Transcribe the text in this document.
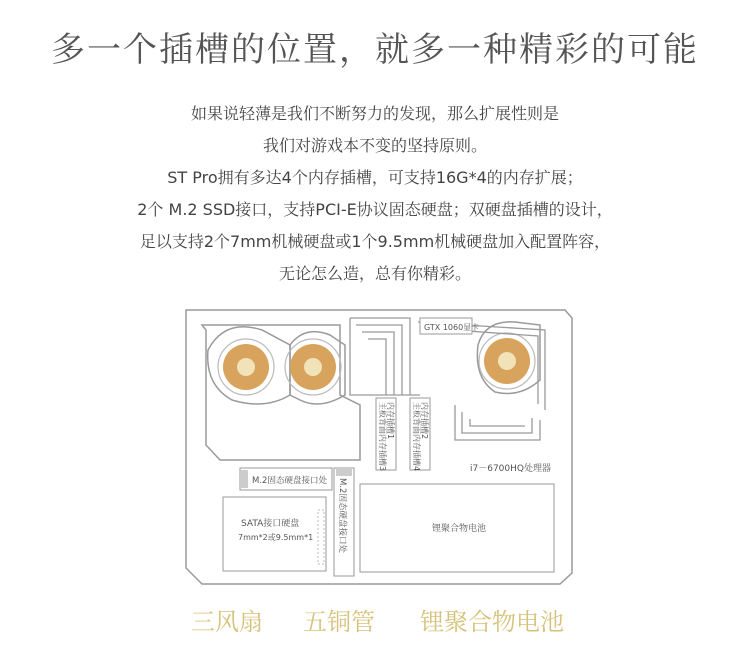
多一个插槽的位置，就多一种精彩的可能
如果说轻薄是我们不断努力的发现，那么扩展性则是
我们对游戏本不变的坚持原则。
ST Pro拥有多达4个内存插槽，可支持16G*4的内存扩展；
2个 M.2 SSD接口，支持PCI-E协议固态硬盘；双硬盘插槽的设计，
足以支持2个7mm机械硬盘或1个9.5mm机械硬盘加入配置阵容，
无论怎么造，总有你精彩。
GTX 1060显卡
内存插槽1
主板背面内存插槽3	内存插槽2
主板背面内存插槽4	i7－6700HQ处理器
M.2固态硬盘接口处 M.2固态硬盘接口处
SATA接口硬盘
7mm*2或9.5mm*1
锂聚合物电池
三风扇 五铜管 锂聚合物电池
